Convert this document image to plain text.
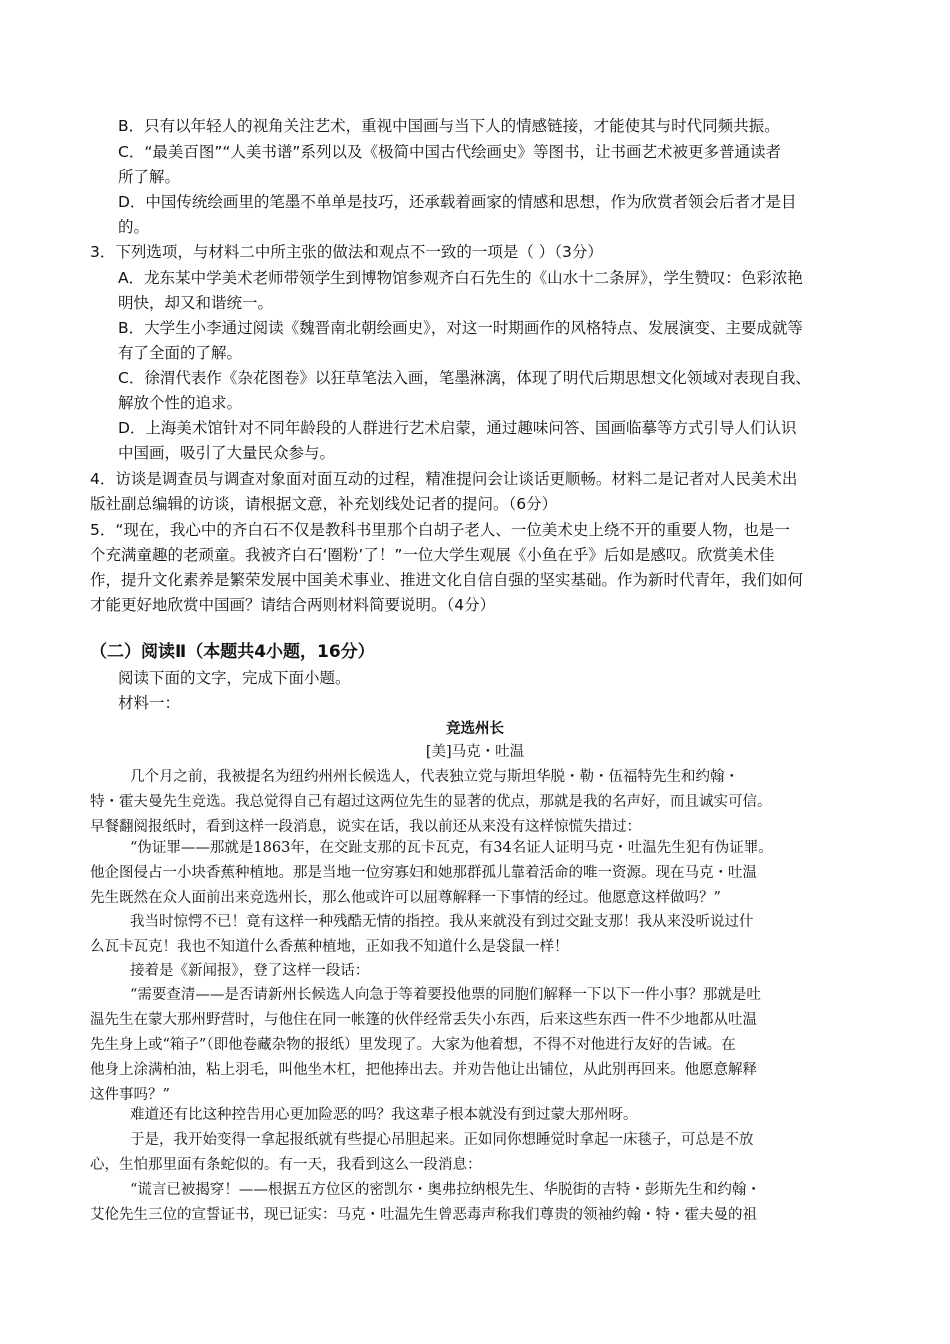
B．只有以年轻人的视角关注艺术，重视中国画与当下人的情感链接，才能使其与时代同频共振。

C．“最美百图”“人美书谱”系列以及《极简中国古代绘画史》等图书，让书画艺术被更多普通读者

所了解。

D．中国传统绘画里的笔墨不单单是技巧，还承载着画家的情感和思想，作为欣赏者领会后者才是目

的。

3．下列选项，与材料二中所主张的做法和观点不一致的一项是（ ）（3分）

A．龙东某中学美术老师带领学生到博物馆参观齐白石先生的《山水十二条屏》，学生赞叹：色彩浓艳

明快，却又和谐统一。

B．大学生小李通过阅读《魏晋南北朝绘画史》，对这一时期画作的风格特点、发展演变、主要成就等

有了全面的了解。

C．徐渭代表作《杂花图卷》以狂草笔法入画，笔墨淋漓，体现了明代后期思想文化领域对表现自我、

解放个性的追求。

D．上海美术馆针对不同年龄段的人群进行艺术启蒙，通过趣味问答、国画临摹等方式引导人们认识

中国画，吸引了大量民众参与。

4．访谈是调查员与调查对象面对面互动的过程，精准提问会让谈话更顺畅。材料二是记者对人民美术出

版社副总编辑的访谈，请根据文意，补充划线处记者的提问。（6分）

5．“现在，我心中的齐白石不仅是教科书里那个白胡子老人、一位美术史上绕不开的重要人物，也是一

个充满童趣的老顽童。我被齐白石‘圈粉’了！”一位大学生观展《小鱼在乎》后如是感叹。欣赏美术佳

作，提升文化素养是繁荣发展中国美术事业、推进文化自信自强的坚实基础。作为新时代青年，我们如何

才能更好地欣赏中国画？请结合两则材料简要说明。（4分）

（二）阅读Ⅱ（本题共4小题，16分）

阅读下面的文字，完成下面小题。

材料一：

竞选州长

[美]马克・吐温

几个月之前，我被提名为纽约州州长候选人，代表独立党与斯坦华脱・勒・伍福特先生和约翰・

特・霍夫曼先生竞选。我总觉得自己有超过这两位先生的显著的优点，那就是我的名声好，而且诚实可信。

早餐翻阅报纸时，看到这样一段消息，说实在话，我以前还从来没有这样惊慌失措过：

“伪证罪——那就是1863年，在交趾支那的瓦卡瓦克，有34名证人证明马克・吐温先生犯有伪证罪。

他企图侵占一小块香蕉种植地。那是当地一位穷寡妇和她那群孤儿靠着活命的唯一资源。现在马克・吐温

先生既然在众人面前出来竞选州长，那么他或许可以屈尊解释一下事情的经过。他愿意这样做吗？”

我当时惊愕不已！竟有这样一种残酷无情的指控。我从来就没有到过交趾支那！我从来没听说过什

么瓦卡瓦克！我也不知道什么香蕉种植地，正如我不知道什么是袋鼠一样！

接着是《新闻报》，登了这样一段话：

“需要查清——是否请新州长候选人向急于等着要投他票的同胞们解释一下以下一件小事？那就是吐

温先生在蒙大那州野营时，与他住在同一帐篷的伙伴经常丢失小东西，后来这些东西一件不少地都从吐温

先生身上或“箱子”（即他卷藏杂物的报纸）里发现了。大家为他着想，不得不对他进行友好的告诫。在

他身上涂满柏油，粘上羽毛，叫他坐木杠，把他捧出去。并劝告他让出铺位，从此别再回来。他愿意解释

这件事吗？”

难道还有比这种控告用心更加险恶的吗？我这辈子根本就没有到过蒙大那州呀。

于是，我开始变得一拿起报纸就有些提心吊胆起来。正如同你想睡觉时拿起一床毯子，可总是不放

心，生怕那里面有条蛇似的。有一天，我看到这么一段消息：

“谎言已被揭穿！——根据五方位区的密凯尔・奥弗拉纳根先生、华脱街的吉特・彭斯先生和约翰・

艾伦先生三位的宣誓证书，现已证实：马克・吐温先生曾恶毒声称我们尊贵的领袖约翰・特・霍夫曼的祖
